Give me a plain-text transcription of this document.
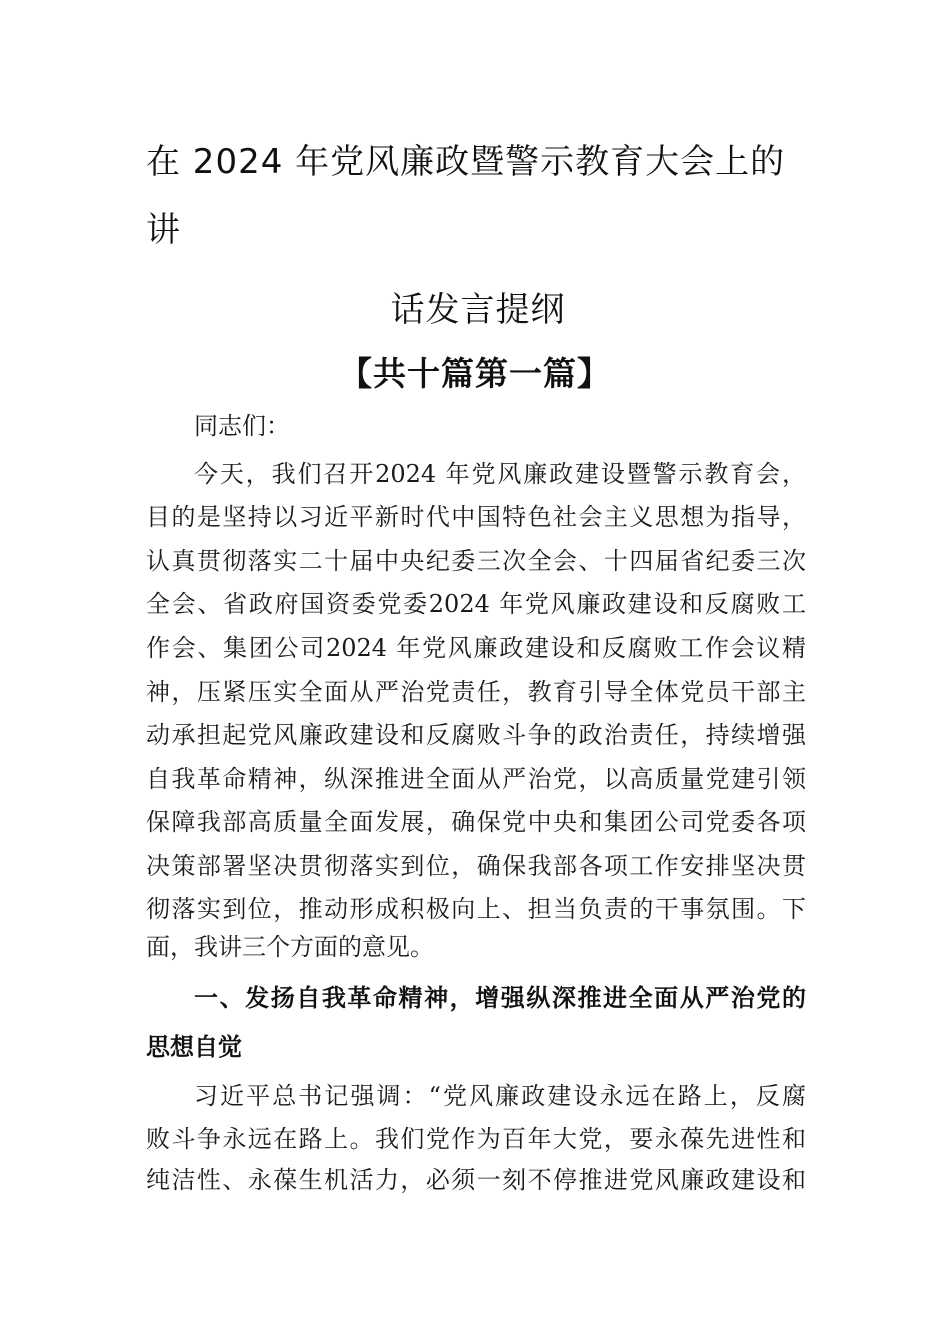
在 2024 年党风廉政暨警示教育大会上的
讲
话发言提纲
【共十篇第一篇】
同志们：
今天，我们召开2024 年党风廉政建设暨警示教育会，
目的是坚持以习近平新时代中国特色社会主义思想为指导，
认真贯彻落实二十届中央纪委三次全会、十四届省纪委三次
全会、省政府国资委党委2024 年党风廉政建设和反腐败工
作会、集团公司2024 年党风廉政建设和反腐败工作会议精
神，压紧压实全面从严治党责任，教育引导全体党员干部主
动承担起党风廉政建设和反腐败斗争的政治责任，持续增强
自我革命精神，纵深推进全面从严治党，以高质量党建引领
保障我部高质量全面发展，确保党中央和集团公司党委各项
决策部署坚决贯彻落实到位，确保我部各项工作安排坚决贯
彻落实到位，推动形成积极向上、担当负责的干事氛围。下
面，我讲三个方面的意见。
一、发扬自我革命精神，增强纵深推进全面从严治党的
思想自觉
习近平总书记强调：“党风廉政建设永远在路上，反腐
败斗争永远在路上。我们党作为百年大党，要永葆先进性和
纯洁性、永葆生机活力，必须一刻不停推进党风廉政建设和
